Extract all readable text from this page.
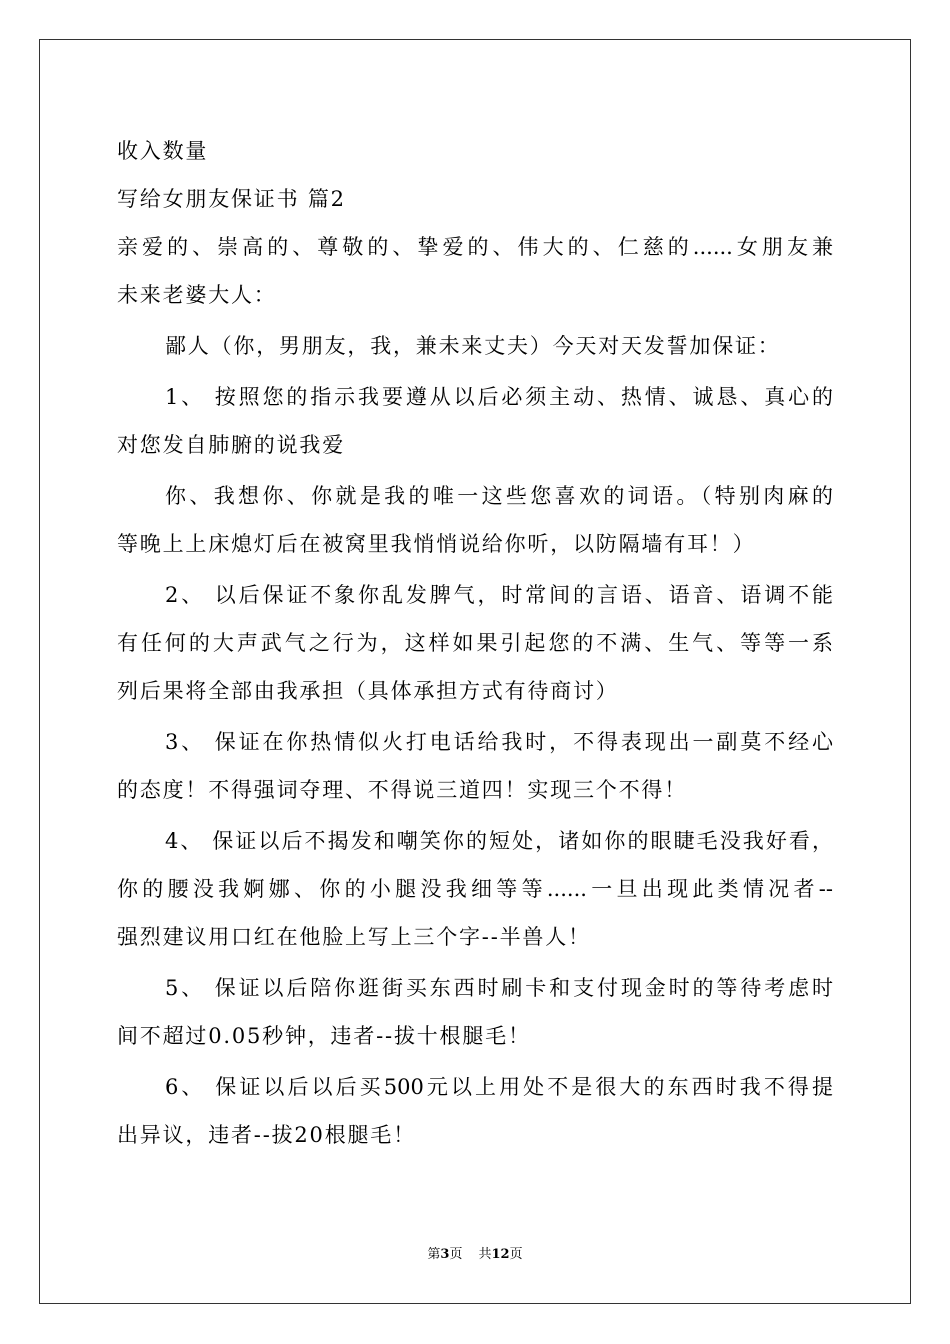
收入数量
写给女朋友保证书 篇2
亲爱的、崇高的、尊敬的、挚爱的、伟大的、仁慈的......女朋友兼
未来老婆大人：
鄙人（你，男朋友，我，兼未来丈夫）今天对天发誓加保证：
1、 按照您的指示我要遵从以后必须主动、热情、诚恳、真心的
对您发自肺腑的说我爱
你、我想你、你就是我的唯一这些您喜欢的词语。（特别肉麻的
等晚上上床熄灯后在被窝里我悄悄说给你听，以防隔墙有耳！）
2、 以后保证不象你乱发脾气，时常间的言语、语音、语调不能
有任何的大声武气之行为，这样如果引起您的不满、生气、等等一系
列后果将全部由我承担（具体承担方式有待商讨）
3、 保证在你热情似火打电话给我时，不得表现出一副莫不经心
的态度！不得强词夺理、不得说三道四！实现三个不得！
4、 保证以后不揭发和嘲笑你的短处，诸如你的眼睫毛没我好看，
你的腰没我婀娜、你的小腿没我细等等......一旦出现此类情况者--
强烈建议用口红在他脸上写上三个字--半兽人！
5、 保证以后陪你逛街买东西时刷卡和支付现金时的等待考虑时
间不超过0.05秒钟，违者--拔十根腿毛！
6、 保证以后以后买500元以上用处不是很大的东西时我不得提
出异议，违者--拔20根腿毛！
第3页 共12页
